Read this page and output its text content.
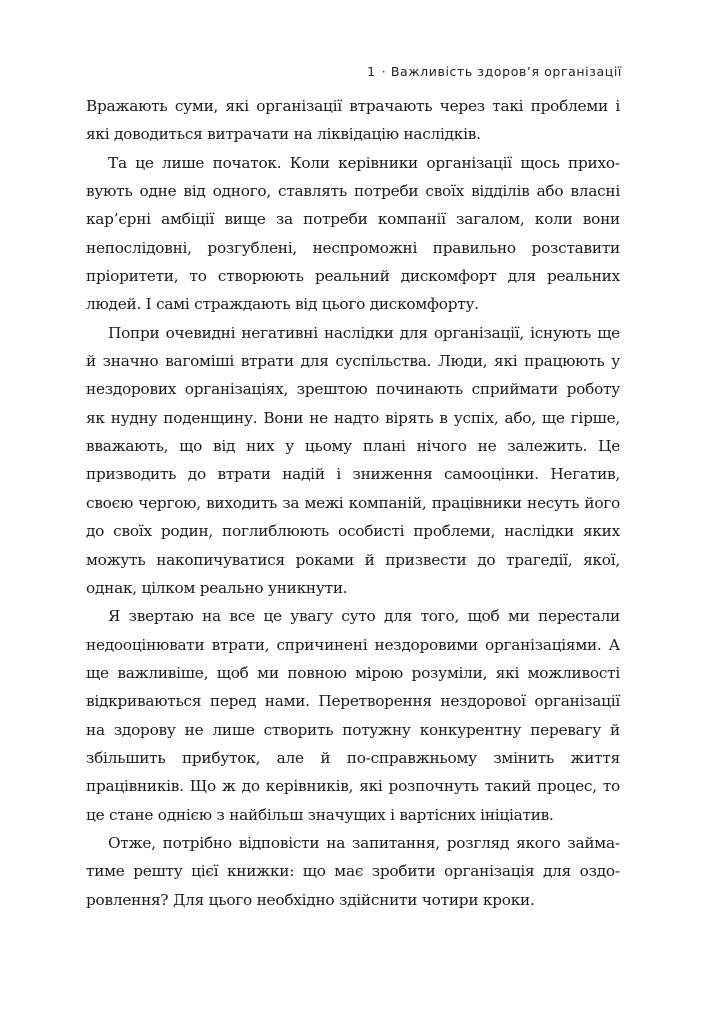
1 · Важливість здоров’я організації

Вражають суми, які організації втрачають через такі проблеми і які доводиться витрачати на ліквідацію наслідків.

Та це лише початок. Коли керівники організації щось приховують одне від одного, ставлять потреби своїх відділів або власні кар’єрні амбіції вище за потреби компанії загалом, коли вони непослідовні, розгублені, неспроможні правильно розставити пріоритети, то створюють реальний дискомфорт для реальних людей. І самі страждають від цього дискомфорту.

Попри очевидні негативні наслідки для організації, існують ще й значно вагоміші втрати для суспільства. Люди, які працюють у нездорових організаціях, зрештою починають сприймати роботу як нудну поденщину. Вони не надто вірять в успіх, або, ще гірше, вважають, що від них у цьому плані нічого не залежить. Це призводить до втрати надій і зниження самооцінки. Негатив, своєю чергою, виходить за межі компаній, працівники несуть його до своїх родин, поглиблюють особисті проблеми, наслідки яких можуть накопичуватися роками й призвести до трагедії, якої, однак, цілком реально уникнути.

Я звертаю на все це увагу суто для того, щоб ми перестали недооцінювати втрати, спричинені нездоровими організаціями. А ще важливіше, щоб ми повною мірою розуміли, які можливості відкриваються перед нами. Перетворення нездорової організації на здорову не лише створить потужну конкурентну перевагу й збільшить прибуток, але й по-справжньому змінить життя працівників. Що ж до керівників, які розпочнуть такий процес, то це стане однією з найбільш значущих і вартісних ініціатив.

Отже, потрібно відповісти на запитання, розгляд якого займатиме решту цієї книжки: що має зробити організація для оздоровлення? Для цього необхідно здійснити чотири кроки.
